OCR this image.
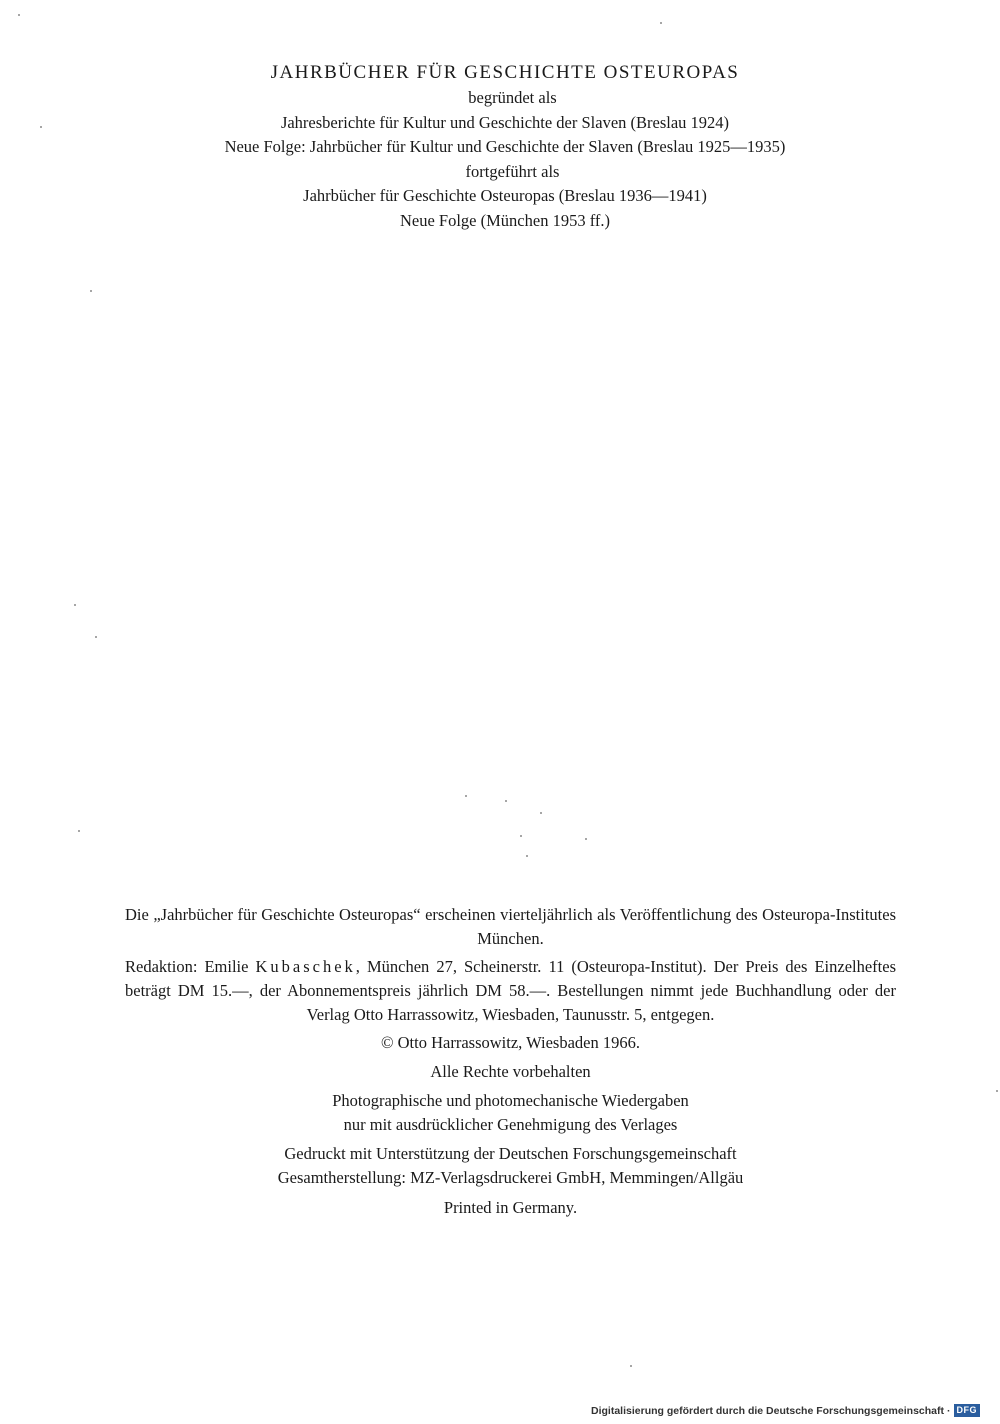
JAHRBÜCHER FÜR GESCHICHTE OSTEUROPAS

begründet als

Jahresberichte für Kultur und Geschichte der Slaven (Breslau 1924)

Neue Folge: Jahrbücher für Kultur und Geschichte der Slaven (Breslau 1925—1935)

fortgeführt als

Jahrbücher für Geschichte Osteuropas (Breslau 1936—1941)

Neue Folge (München 1953 ff.)

Die „Jahrbücher für Geschichte Osteuropas“ erscheinen vierteljährlich als Veröffentlichung des Osteuropa-Institutes München.

Redaktion: Emilie Kubaschek, München 27, Scheinerstr. 11 (Osteuropa-Institut). Der Preis des Einzelheftes beträgt DM 15.—, der Abonnementspreis jährlich DM 58.—. Bestellungen nimmt jede Buchhandlung oder der Verlag Otto Harrassowitz, Wiesbaden, Taunusstr. 5, entgegen.

© Otto Harrassowitz, Wiesbaden 1966.

Alle Rechte vorbehalten

Photographische und photomechanische Wiedergaben

nur mit ausdrücklicher Genehmigung des Verlages

Gedruckt mit Unterstützung der Deutschen Forschungsgemeinschaft

Gesamtherstellung: MZ-Verlagsdruckerei GmbH, Memmingen/Allgäu

Printed in Germany.

Digitalisierung gefördert durch die Deutsche Forschungsgemeinschaft · DFG
